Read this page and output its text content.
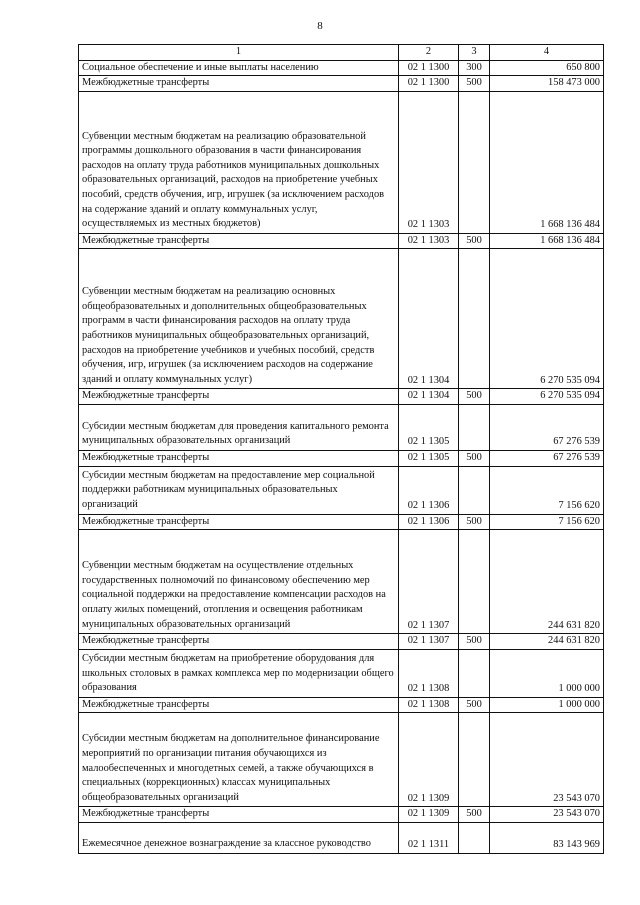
8
1	2	3	4
Социальное обеспечение и иные выплаты населению	02 1 1300	300	650 800
Межбюджетные трансферты	02 1 1300	500	158 473 000
Субвенции местным бюджетам на реализацию образовательной программы дошкольного образования в части финансирования расходов на оплату труда работников муниципальных дошкольных образовательных организаций, расходов на приобретение учебных пособий, средств обучения, игр, игрушек (за исключением расходов на содержание зданий и оплату коммунальных услуг, осуществляемых из местных бюджетов)	02 1 1303		1 668 136 484
Межбюджетные трансферты	02 1 1303	500	1 668 136 484
Субвенции местным бюджетам на реализацию основных общеобразовательных и дополнительных общеобразовательных программ в части финансирования расходов на оплату труда работников муниципальных общеобразовательных организаций, расходов на приобретение учебников и учебных пособий, средств обучения, игр, игрушек (за исключением расходов на содержание зданий и оплату коммунальных услуг)	02 1 1304		6 270 535 094
Межбюджетные трансферты	02 1 1304	500	6 270 535 094
Субсидии местным бюджетам для проведения капитального ремонта муниципальных образовательных организаций	02 1 1305		67 276 539
Межбюджетные трансферты	02 1 1305	500	67 276 539
Субсидии местным бюджетам на предоставление мер социальной поддержки работникам муниципальных образовательных организаций	02 1 1306		7 156 620
Межбюджетные трансферты	02 1 1306	500	7 156 620
Субвенции местным бюджетам на осуществление отдельных государственных полномочий по финансовому обеспечению мер социальной поддержки на предоставление компенсации расходов на оплату жилых помещений, отопления и освещения работникам муниципальных образовательных организаций	02 1 1307		244 631 820
Межбюджетные трансферты	02 1 1307	500	244 631 820
Субсидии местным бюджетам на приобретение оборудования для школьных столовых в рамках комплекса мер по модернизации общего образования	02 1 1308		1 000 000
Межбюджетные трансферты	02 1 1308	500	1 000 000
Субсидии местным бюджетам на дополнительное финансирование мероприятий по организации питания обучающихся из малообеспеченных и многодетных семей, а также обучающихся в специальных (коррекционных) классах муниципальных общеобразовательных организаций	02 1 1309		23 543 070
Межбюджетные трансферты	02 1 1309	500	23 543 070
Ежемесячное денежное вознаграждение за классное руководство	02 1 1311		83 143 969
